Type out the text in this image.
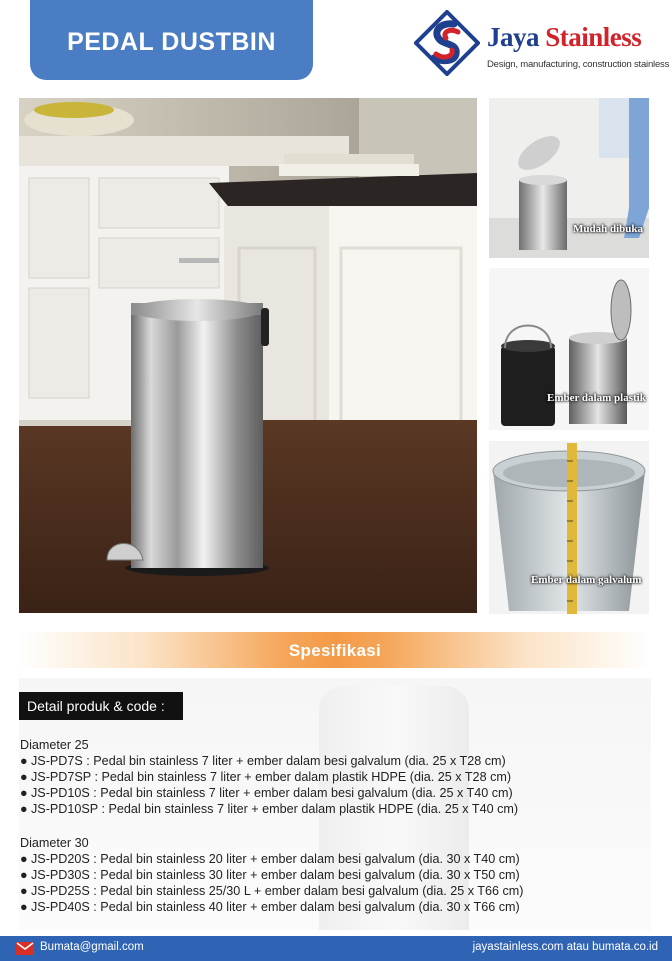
PEDAL DUSTBIN	Jaya Stainless
Design, manufacturing, construction stainless
Mudah dibuka
Ember dalam plastik
Ember dalam galvalum
Spesifikasi
Detail produk & code :
Diameter 25
● JS-PD7S : Pedal bin stainless 7 liter + ember dalam besi galvalum (dia. 25 x T28 cm)
● JS-PD7SP : Pedal bin stainless 7 liter + ember dalam plastik HDPE (dia. 25 x T28 cm)
● JS-PD10S : Pedal bin stainless 7 liter + ember dalam besi galvalum (dia. 25 x T40 cm)
● JS-PD10SP : Pedal bin stainless 7 liter + ember dalam plastik HDPE (dia. 25 x T40 cm)
Diameter 30
● JS-PD20S : Pedal bin stainless 20 liter + ember dalam besi galvalum (dia. 30 x T40 cm)
● JS-PD30S : Pedal bin stainless 30 liter + ember dalam besi galvalum (dia. 30 x T50 cm)
● JS-PD25S : Pedal bin stainless 25/30 L + ember dalam besi galvalum (dia. 25 x T66 cm)
● JS-PD40S : Pedal bin stainless 40 liter + ember dalam besi galvalum (dia. 30 x T66 cm)
Bumata@gmail.com	jayastainless.com atau bumata.co.id
